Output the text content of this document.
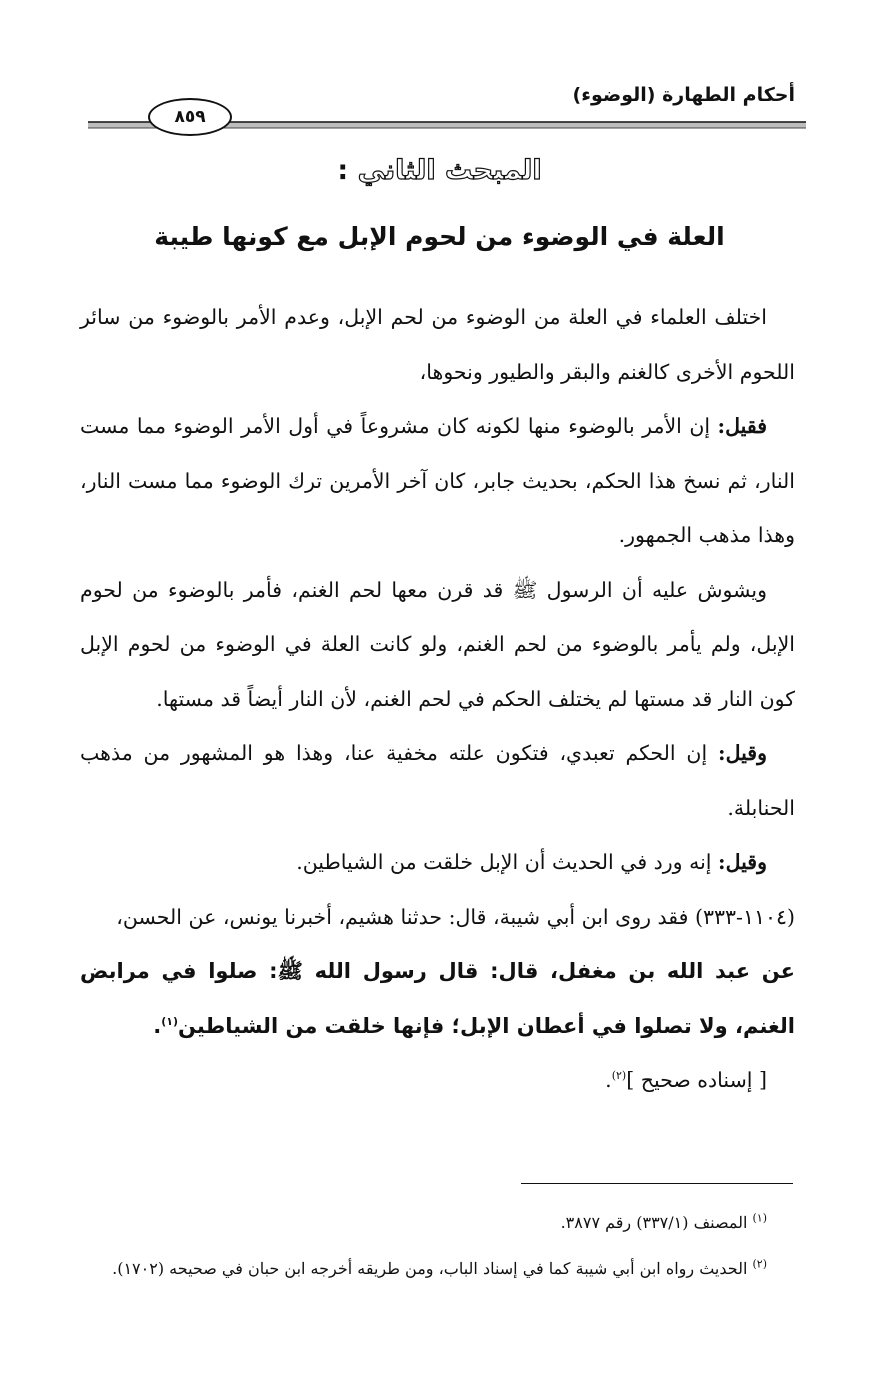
أحكام الطهارة (الوضوء)
٨٥٩
المبحث الثاني :
العلة في الوضوء من لحوم الإبل مع كونها طيبة

اختلف العلماء في العلة من الوضوء من لحم الإبل، وعدم الأمر بالوضوء من سائر اللحوم الأخرى كالغنم والبقر والطيور ونحوها،

فقيل: إن الأمر بالوضوء منها لكونه كان مشروعاً في أول الأمر الوضوء مما مست النار، ثم نسخ هذا الحكم، بحديث جابر، كان آخر الأمرين ترك الوضوء مما مست النار، وهذا مذهب الجمهور.

ويشوش عليه أن الرسول ﷺ قد قرن معها لحم الغنم، فأمر بالوضوء من لحوم الإبل، ولم يأمر بالوضوء من لحم الغنم، ولو كانت العلة في الوضوء من لحوم الإبل كون النار قد مستها لم يختلف الحكم في لحم الغنم، لأن النار أيضاً قد مستها.

وقيل: إن الحكم تعبدي، فتكون علته مخفية عنا، وهذا هو المشهور من مذهب الحنابلة.

وقيل: إنه ورد في الحديث أن الإبل خلقت من الشياطين.

(١١٠٤-٣٣٣) فقد روى ابن أبي شيبة، قال: حدثنا هشيم، أخبرنا يونس، عن الحسن،

عن عبد الله بن مغفل، قال: قال رسول الله ﷺ: صلوا في مرابض الغنم، ولا تصلوا في أعطان الإبل؛ فإنها خلقت من الشياطين$^{(١)}$.

[ إسناده صحيح ]$^{(٢)}$.

$^{(١)}$ المصنف (٣٣٧/١) رقم ٣٨٧٧.

$^{(٢)}$ الحديث رواه ابن أبي شيبة كما في إسناد الباب، ومن طريقه أخرجه ابن حبان في صحيحه (١٧٠٢).
